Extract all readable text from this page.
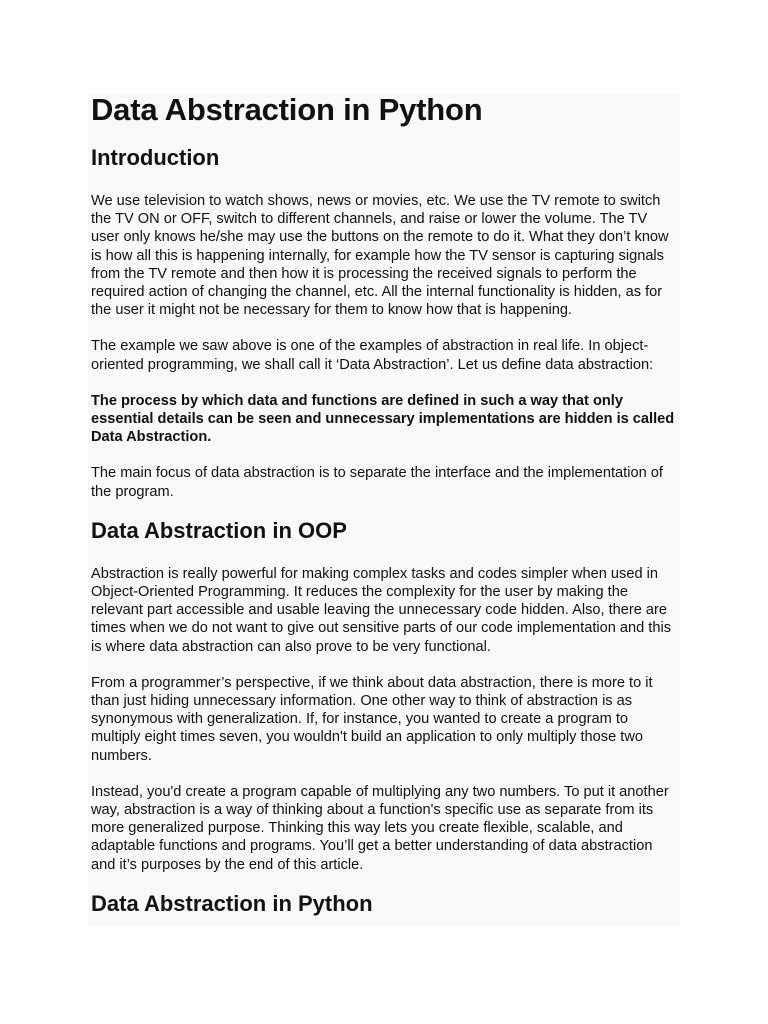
Data Abstraction in Python
Introduction

We use television to watch shows, news or movies, etc. We use the TV remote to switch the TV ON or OFF, switch to different channels, and raise or lower the volume. The TV user only knows he/she may use the buttons on the remote to do it. What they don’t know is how all this is happening internally, for example how the TV sensor is capturing signals from the TV remote and then how it is processing the received signals to perform the required action of changing the channel, etc. All the internal functionality is hidden, as for the user it might not be necessary for them to know how that is happening.

The example we saw above is one of the examples of abstraction in real life. In object-oriented programming, we shall call it ‘Data Abstraction’. Let us define data abstraction:

The process by which data and functions are defined in such a way that only essential details can be seen and unnecessary implementations are hidden is called Data Abstraction.

The main focus of data abstraction is to separate the interface and the implementation of the program.

Data Abstraction in OOP

Abstraction is really powerful for making complex tasks and codes simpler when used in Object-Oriented Programming. It reduces the complexity for the user by making the relevant part accessible and usable leaving the unnecessary code hidden. Also, there are times when we do not want to give out sensitive parts of our code implementation and this is where data abstraction can also prove to be very functional.

From a programmer’s perspective, if we think about data abstraction, there is more to it than just hiding unnecessary information. One other way to think of abstraction is as synonymous with generalization. If, for instance, you wanted to create a program to multiply eight times seven, you wouldn't build an application to only multiply those two numbers.

Instead, you'd create a program capable of multiplying any two numbers. To put it another way, abstraction is a way of thinking about a function's specific use as separate from its more generalized purpose. Thinking this way lets you create flexible, scalable, and adaptable functions and programs. You’ll get a better understanding of data abstraction and it’s purposes by the end of this article.

Data Abstraction in Python
